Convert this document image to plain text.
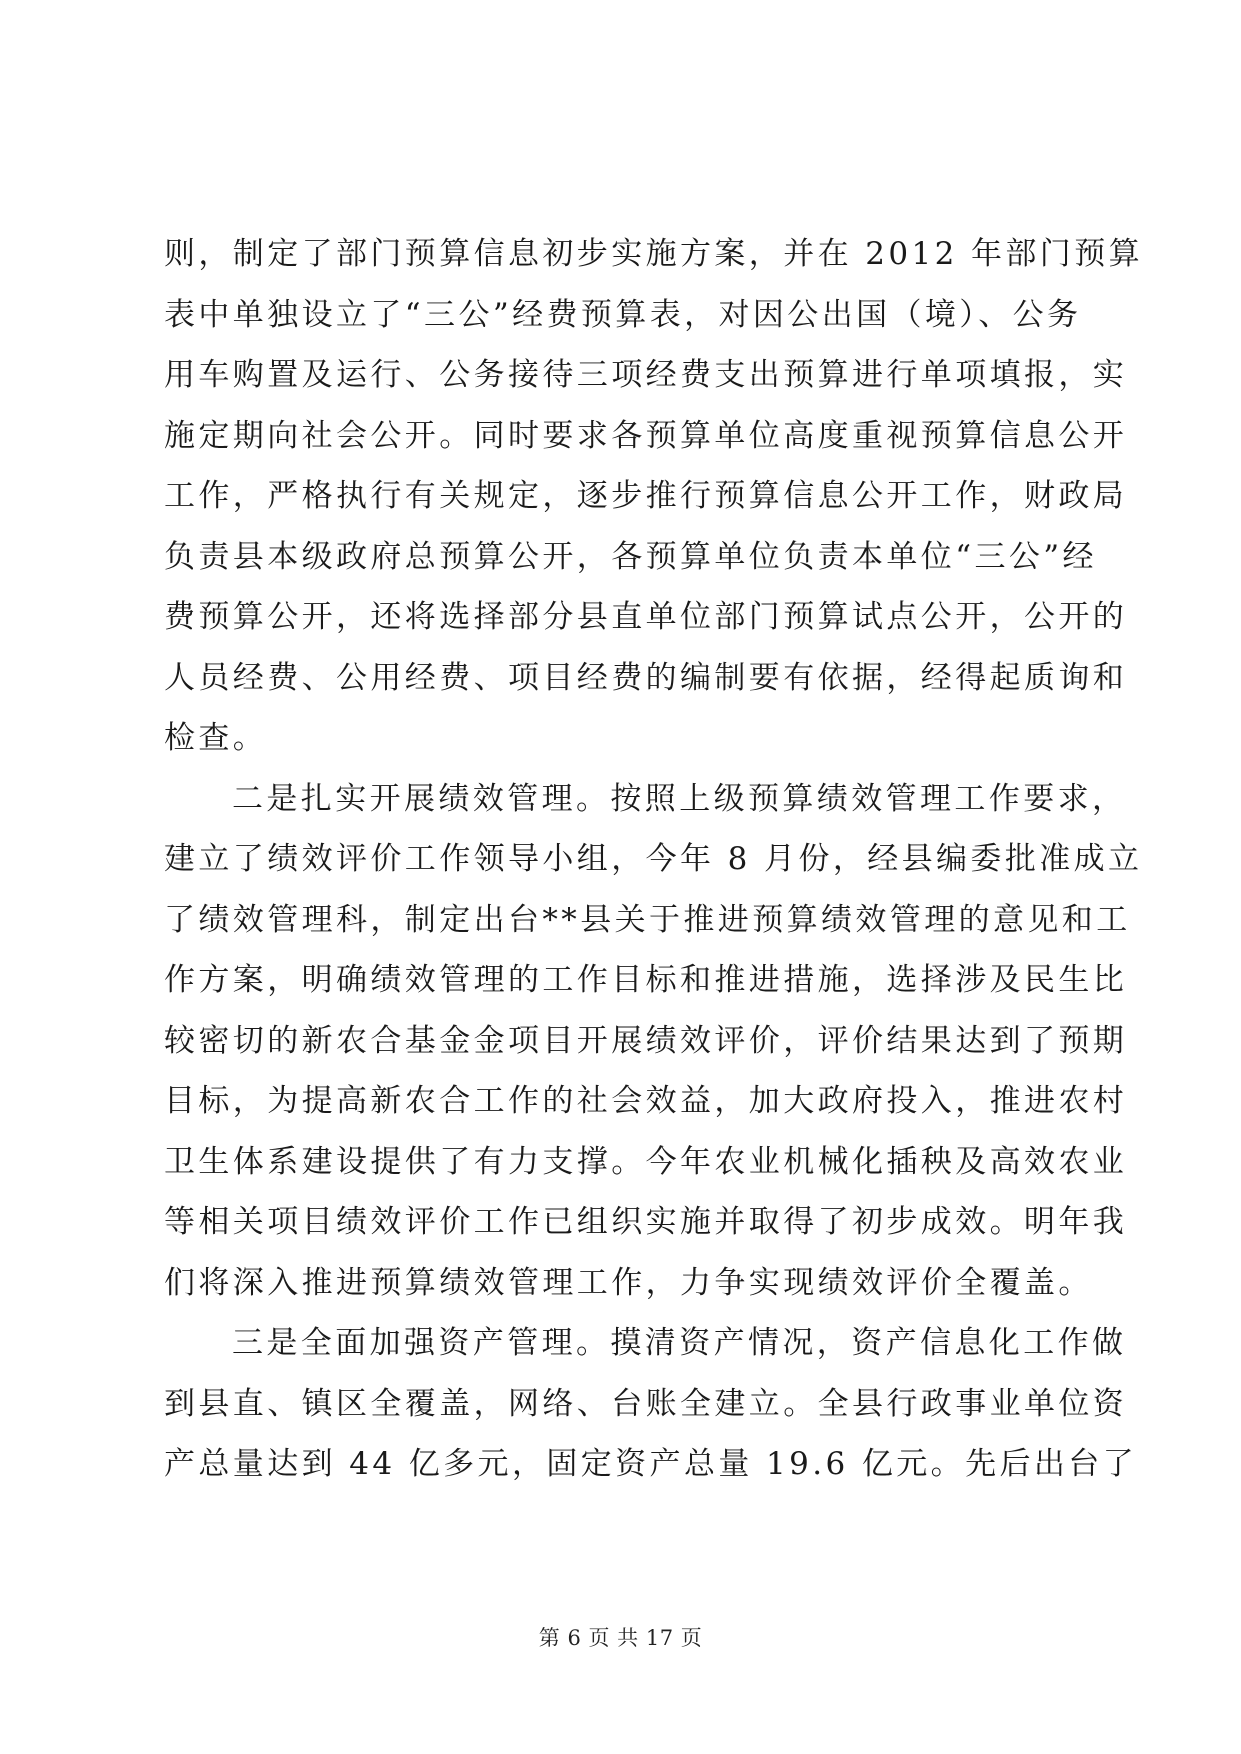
则，制定了部门预算信息初步实施方案，并在 2012 年部门预算
表中单独设立了“三公”经费预算表，对因公出国（境）、公务
用车购置及运行、公务接待三项经费支出预算进行单项填报，实
施定期向社会公开。同时要求各预算单位高度重视预算信息公开
工作，严格执行有关规定，逐步推行预算信息公开工作，财政局
负责县本级政府总预算公开，各预算单位负责本单位“三公”经
费预算公开，还将选择部分县直单位部门预算试点公开，公开的
人员经费、公用经费、项目经费的编制要有依据，经得起质询和
检查。
二是扎实开展绩效管理。按照上级预算绩效管理工作要求，
建立了绩效评价工作领导小组，今年 8 月份，经县编委批准成立
了绩效管理科，制定出台**县关于推进预算绩效管理的意见和工
作方案，明确绩效管理的工作目标和推进措施，选择涉及民生比
较密切的新农合基金金项目开展绩效评价，评价结果达到了预期
目标，为提高新农合工作的社会效益，加大政府投入，推进农村
卫生体系建设提供了有力支撑。今年农业机械化插秧及高效农业
等相关项目绩效评价工作已组织实施并取得了初步成效。明年我
们将深入推进预算绩效管理工作，力争实现绩效评价全覆盖。
三是全面加强资产管理。摸清资产情况，资产信息化工作做
到县直、镇区全覆盖，网络、台账全建立。全县行政事业单位资
产总量达到 44 亿多元，固定资产总量 19.6 亿元。先后出台了
第 6 页 共 17 页
